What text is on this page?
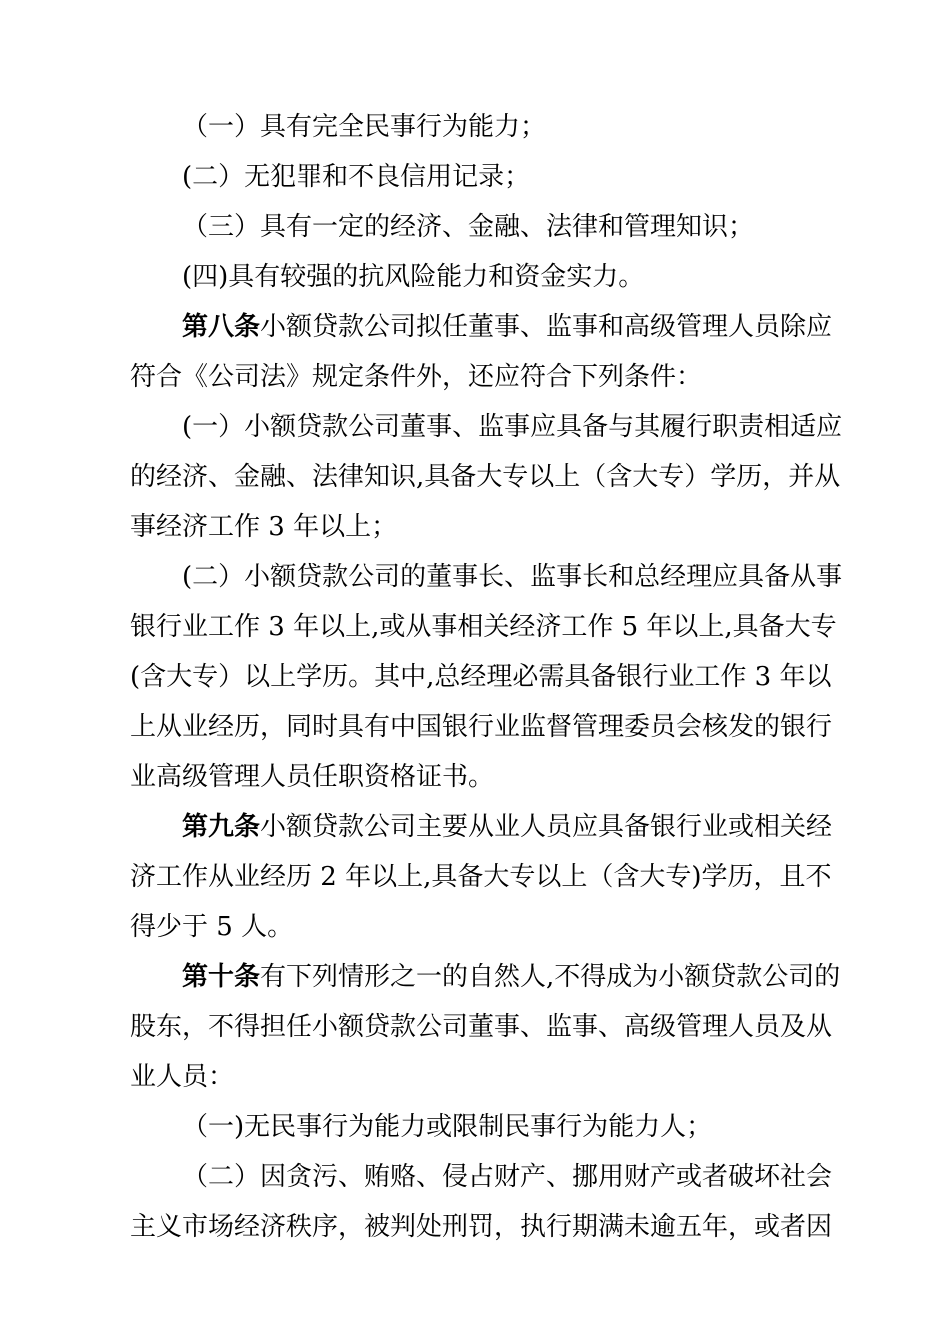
（一）具有完全民事行为能力；
(二）无犯罪和不良信用记录；
（三）具有一定的经济、金融、法律和管理知识；
(四)具有较强的抗风险能力和资金实力。
第八条小额贷款公司拟任董事、监事和高级管理人员除应
符合《公司法》规定条件外，还应符合下列条件：
(一）小额贷款公司董事、监事应具备与其履行职责相适应
的经济、金融、法律知识,具备大专以上（含大专）学历，并从
事经济工作 3 年以上；
(二）小额贷款公司的董事长、监事长和总经理应具备从事
银行业工作 3 年以上,或从事相关经济工作 5 年以上,具备大专
(含大专）以上学历。其中,总经理必需具备银行业工作 3 年以
上从业经历，同时具有中国银行业监督管理委员会核发的银行
业高级管理人员任职资格证书。
第九条小额贷款公司主要从业人员应具备银行业或相关经
济工作从业经历 2 年以上,具备大专以上（含大专)学历，且不
得少于 5 人。
第十条有下列情形之一的自然人,不得成为小额贷款公司的
股东，不得担任小额贷款公司董事、监事、高级管理人员及从
业人员：
（一)无民事行为能力或限制民事行为能力人；
（二）因贪污、贿赂、侵占财产、挪用财产或者破坏社会
主义市场经济秩序，被判处刑罚，执行期满未逾五年，或者因
